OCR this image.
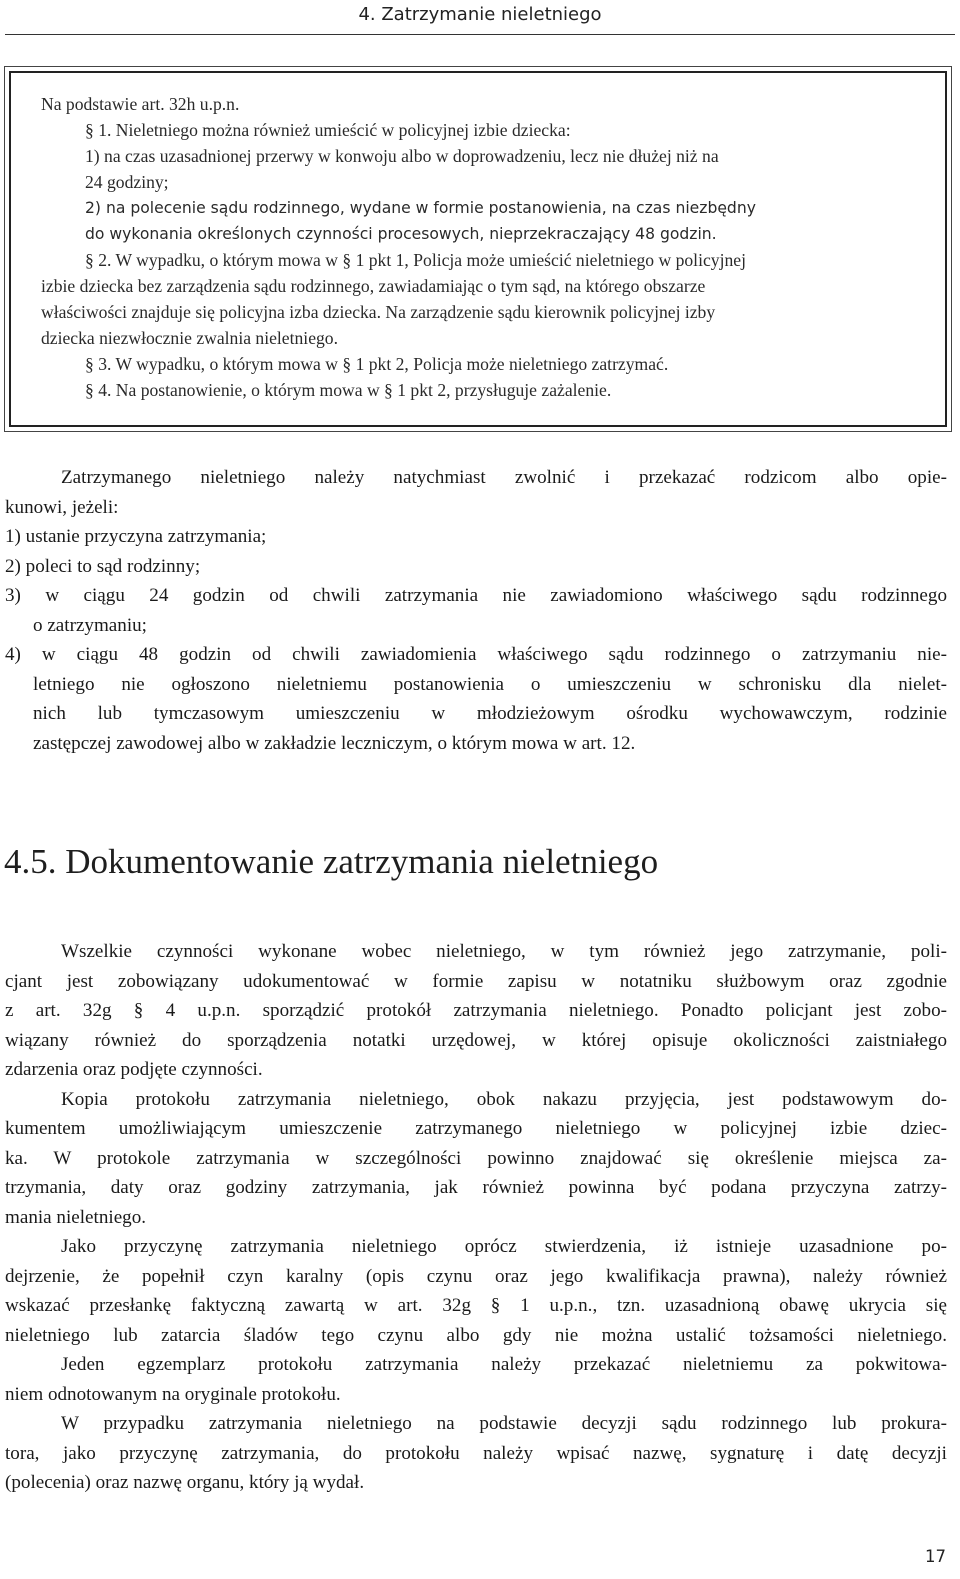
4. Zatrzymanie nieletniego
Na podstawie art. 32h u.p.n.
§ 1. Nieletniego można również umieścić w policyjnej izbie dziecka:
1) na czas uzasadnionej przerwy w konwoju albo w doprowadzeniu, lecz nie dłużej niż na
24 godziny;
2) na polecenie sądu rodzinnego, wydane w formie postanowienia, na czas niezbędny
do wykonania określonych czynności procesowych, nieprzekraczający 48 godzin.
§ 2. W wypadku, o którym mowa w § 1 pkt 1, Policja może umieścić nieletniego w policyjnej
izbie dziecka bez zarządzenia sądu rodzinnego, zawiadamiając o tym sąd, na którego obszarze
właściwości znajduje się policyjna izba dziecka. Na zarządzenie sądu kierownik policyjnej izby
dziecka niezwłocznie zwalnia nieletniego.
§ 3. W wypadku, o którym mowa w § 1 pkt 2, Policja może nieletniego zatrzymać.
§ 4. Na postanowienie, o którym mowa w § 1 pkt 2, przysługuje zażalenie.
Zatrzymanego nieletniego należy natychmiast zwolnić i przekazać rodzicom albo opie-
kunowi, jeżeli:
1) ustanie przyczyna zatrzymania;
2) poleci to sąd rodzinny;
3) w ciągu 24 godzin od chwili zatrzymania nie zawiadomiono właściwego sądu rodzinnego
o zatrzymaniu;
4) w ciągu 48 godzin od chwili zawiadomienia właściwego sądu rodzinnego o zatrzymaniu nie-
letniego nie ogłoszono nieletniemu postanowienia o umieszczeniu w schronisku dla nielet-
nich lub tymczasowym umieszczeniu w młodzieżowym ośrodku wychowawczym, rodzinie
zastępczej zawodowej albo w zakładzie leczniczym, o którym mowa w art. 12.
4.5. Dokumentowanie zatrzymania nieletniego
Wszelkie czynności wykonane wobec nieletniego, w tym również jego zatrzymanie, poli-
cjant jest zobowiązany udokumentować w formie zapisu w notatniku służbowym oraz zgodnie
z art. 32g § 4 u.p.n. sporządzić protokół zatrzymania nieletniego. Ponadto policjant jest zobo-
wiązany również do sporządzenia notatki urzędowej, w której opisuje okoliczności zaistniałego
zdarzenia oraz podjęte czynności.
Kopia protokołu zatrzymania nieletniego, obok nakazu przyjęcia, jest podstawowym do-
kumentem umożliwiającym umieszczenie zatrzymanego nieletniego w policyjnej izbie dziec-
ka. W protokole zatrzymania w szczególności powinno znajdować się określenie miejsca za-
trzymania, daty oraz godziny zatrzymania, jak również powinna być podana przyczyna zatrzy-
mania nieletniego.
Jako przyczynę zatrzymania nieletniego oprócz stwierdzenia, iż istnieje uzasadnione po-
dejrzenie, że popełnił czyn karalny (opis czynu oraz jego kwalifikacja prawna), należy również
wskazać przesłankę faktyczną zawartą w art. 32g § 1 u.p.n., tzn. uzasadnioną obawę ukrycia się
nieletniego lub zatarcia śladów tego czynu albo gdy nie można ustalić tożsamości nieletniego.
Jeden egzemplarz protokołu zatrzymania należy przekazać nieletniemu za pokwitowa-
niem odnotowanym na oryginale protokołu.
W przypadku zatrzymania nieletniego na podstawie decyzji sądu rodzinnego lub prokura-
tora, jako przyczynę zatrzymania, do protokołu należy wpisać nazwę, sygnaturę i datę decyzji
(polecenia) oraz nazwę organu, który ją wydał.
17
